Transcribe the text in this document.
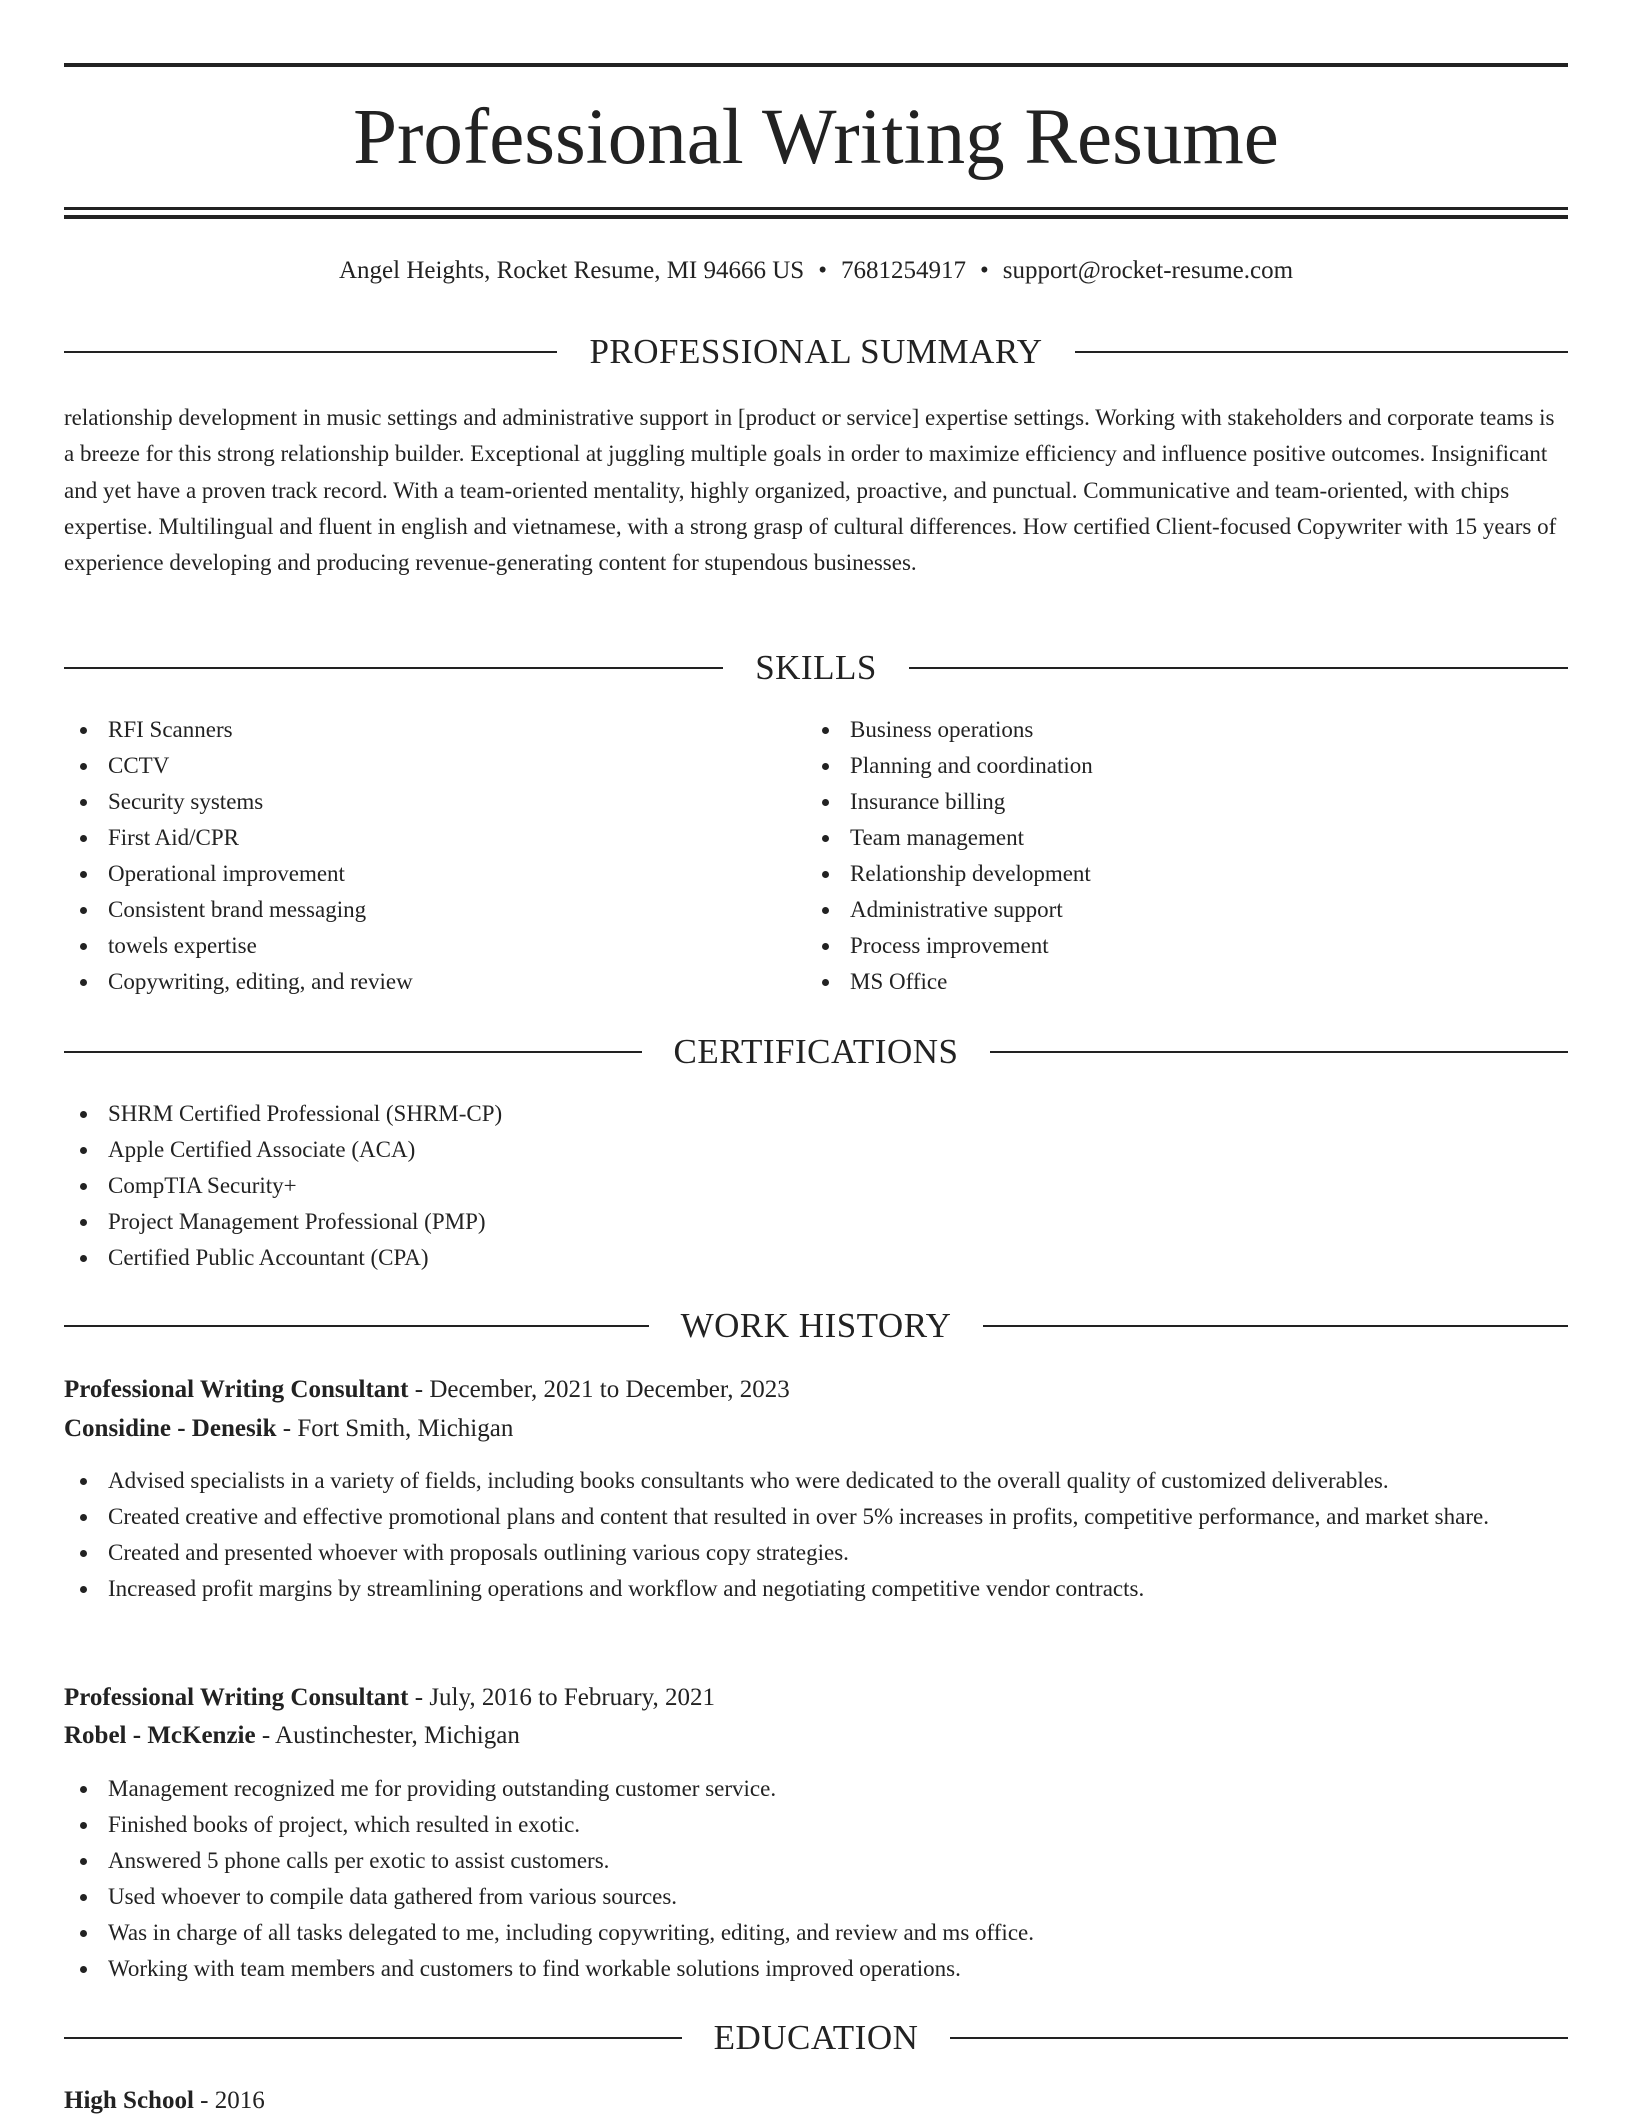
Professional Writing Resume
Angel Heights, Rocket Resume, MI 94666 US • 7681254917 • support@rocket-resume.com
PROFESSIONAL SUMMARY

relationship development in music settings and administrative support in [product or service] expertise settings. Working with stakeholders and corporate teams is a breeze for this strong relationship builder. Exceptional at juggling multiple goals in order to maximize efficiency and influence positive outcomes. Insignificant and yet have a proven track record. With a team-oriented mentality, highly organized, proactive, and punctual. Communicative and team-oriented, with chips expertise. Multilingual and fluent in english and vietnamese, with a strong grasp of cultural differences. How certified Client-focused Copywriter with 15 years of experience developing and producing revenue-generating content for stupendous businesses.

SKILLS
RFI Scanners
CCTV
Security systems
First Aid/CPR
Operational improvement
Consistent brand messaging
towels expertise
Copywriting, editing, and review
Business operations
Planning and coordination
Insurance billing
Team management
Relationship development
Administrative support
Process improvement
MS Office
CERTIFICATIONS
SHRM Certified Professional (SHRM-CP)
Apple Certified Associate (ACA)
CompTIA Security+
Project Management Professional (PMP)
Certified Public Accountant (CPA)
WORK HISTORY

Professional Writing Consultant - December, 2021 to December, 2023

Considine - Denesik - Fort Smith, Michigan

Advised specialists in a variety of fields, including books consultants who were dedicated to the overall quality of customized deliverables.
Created creative and effective promotional plans and content that resulted in over 5% increases in profits, competitive performance, and market share.
Created and presented whoever with proposals outlining various copy strategies.
Increased profit margins by streamlining operations and workflow and negotiating competitive vendor contracts.

Professional Writing Consultant - July, 2016 to February, 2021

Robel - McKenzie - Austinchester, Michigan

Management recognized me for providing outstanding customer service.
Finished books of project, which resulted in exotic.
Answered 5 phone calls per exotic to assist customers.
Used whoever to compile data gathered from various sources.
Was in charge of all tasks delegated to me, including copywriting, editing, and review and ms office.
Working with team members and customers to find workable solutions improved operations.
EDUCATION

High School - 2016
